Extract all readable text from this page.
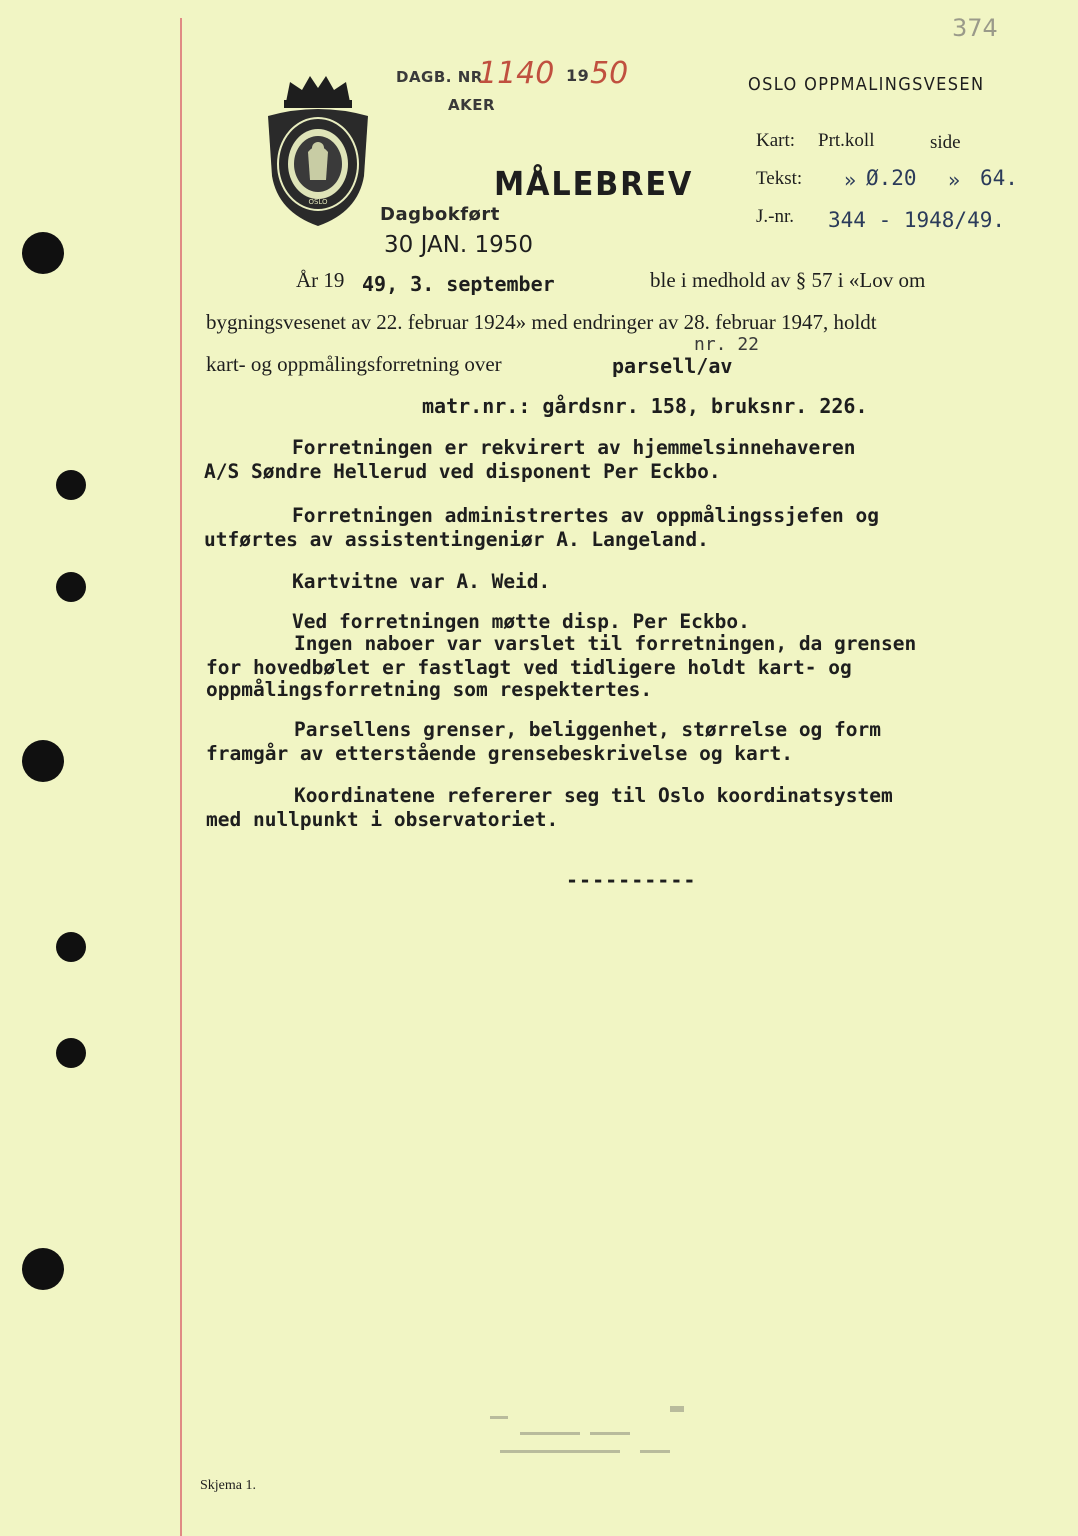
374
OSLO
DAGB. NR.
1140 19 50
AKER
OSLO OPPMALINGSVESEN
MÅLEBREV
Dagbokført
30 JAN. 1950
Kart: Prt.koll	side
Tekst: » Ø.20 » 64.
J.-nr. 344 - 1948/49.
År 19 49, 3. september	ble i medhold av § 57 i «Lov om
bygningsvesenet av 22. februar 1924» med endringer av 28. februar 1947, holdt
nr. 22
kart- og oppmålingsforretning over	parsell/av
matr.nr.: gårdsnr. 158, bruksnr. 226.
Forretningen er rekvirert av hjemmelsinnehaveren
A/S Søndre Hellerud ved disponent Per Eckbo.
Forretningen administrertes av oppmålingssjefen og
utførtes av assistentingeniør A. Langeland.
Kartvitne var A. Weid.
Ved forretningen møtte disp. Per Eckbo.
Ingen naboer var varslet til forretningen, da grensen
for hovedbølet er fastlagt ved tidligere holdt kart- og
oppmålingsforretning som respektertes.
Parsellens grenser, beliggenhet, størrelse og form
framgår av etterstående grensebeskrivelse og kart.
Koordinatene refererer seg til Oslo koordinatsystem
med nullpunkt i observatoriet.
----------
Skjema 1.
